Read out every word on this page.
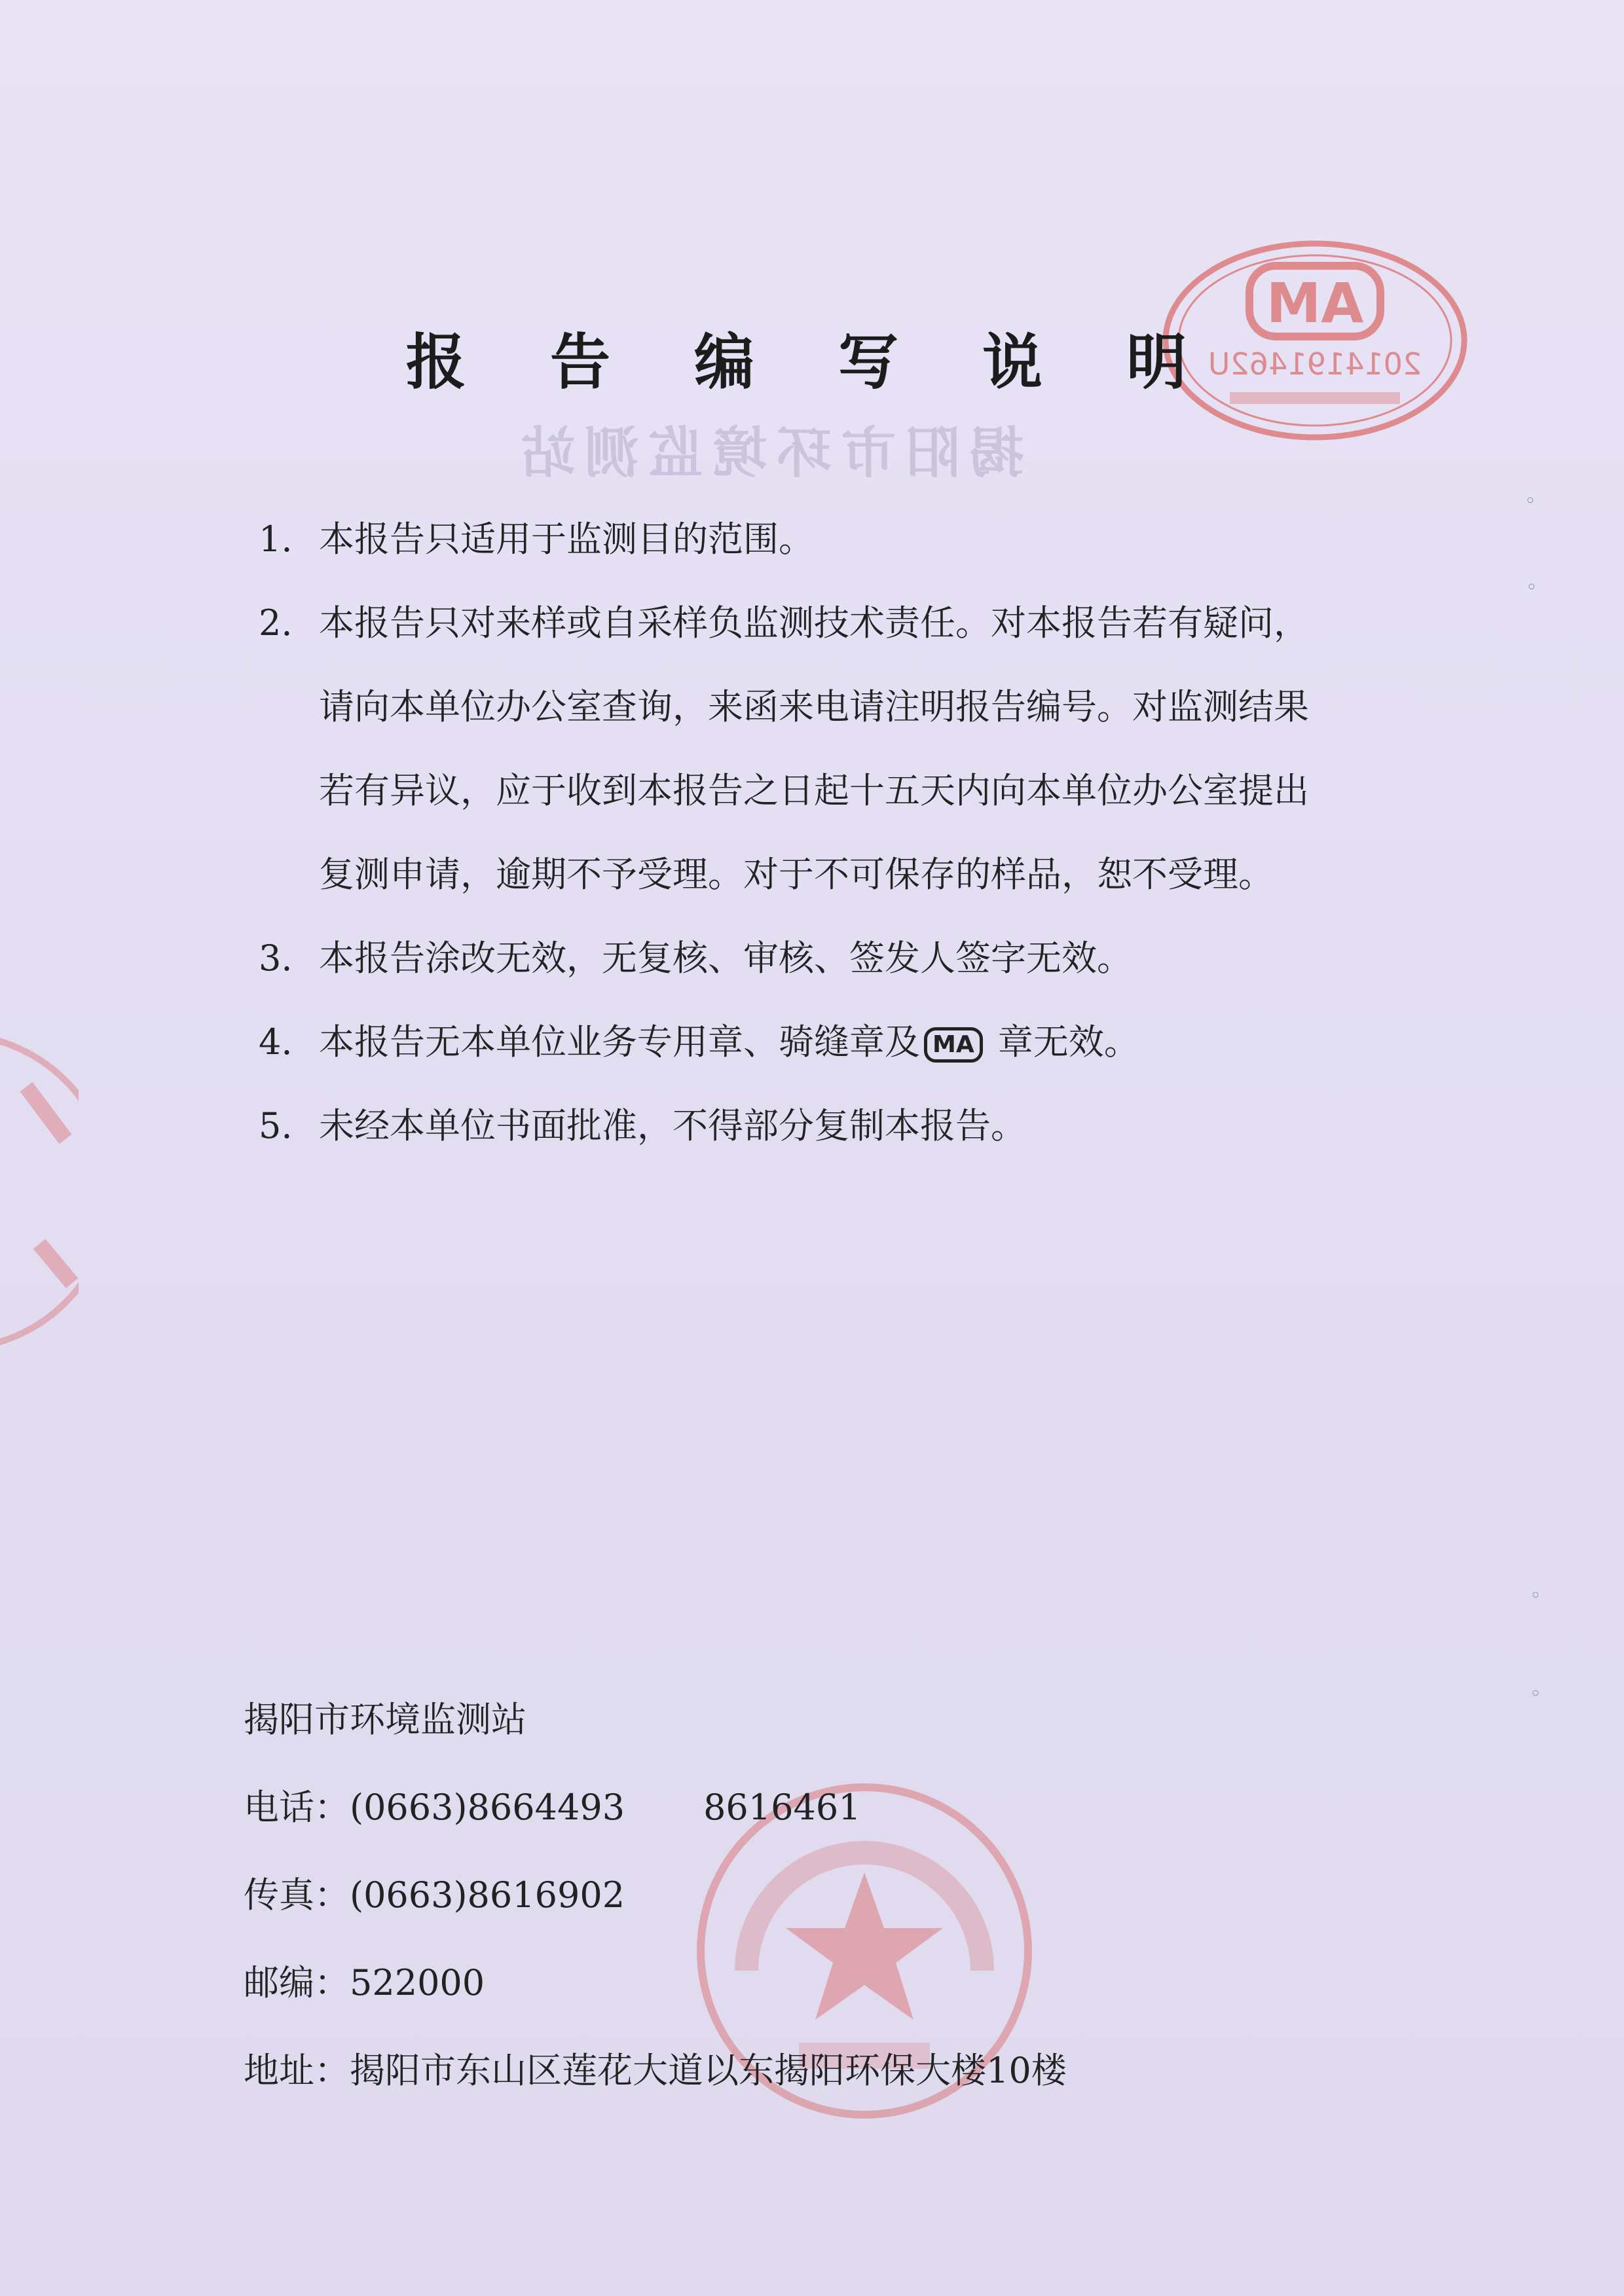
揭阳市环境监测站
MA
2014191462U
◦
◦
◦
◦
报 告 编 写 说 明
1. 本报告只适用于监测目的范围。
2. 本报告只对来样或自采样负监测技术责任。对本报告若有疑问，
请向本单位办公室查询，来函来电请注明报告编号。对监测结果
若有异议，应于收到本报告之日起十五天内向本单位办公室提出
复测申请，逾期不予受理。对于不可保存的样品，恕不受理。
3. 本报告涂改无效，无复核、审核、签发人签字无效。
4. 本报告无本单位业务专用章、骑缝章及 MA 章无效。
5. 未经本单位书面批准，不得部分复制本报告。
揭阳市环境监测站
电话：(0663)8664493 8616461
传真：(0663)8616902
邮编：522000
地址：揭阳市东山区莲花大道以东揭阳环保大楼10楼
